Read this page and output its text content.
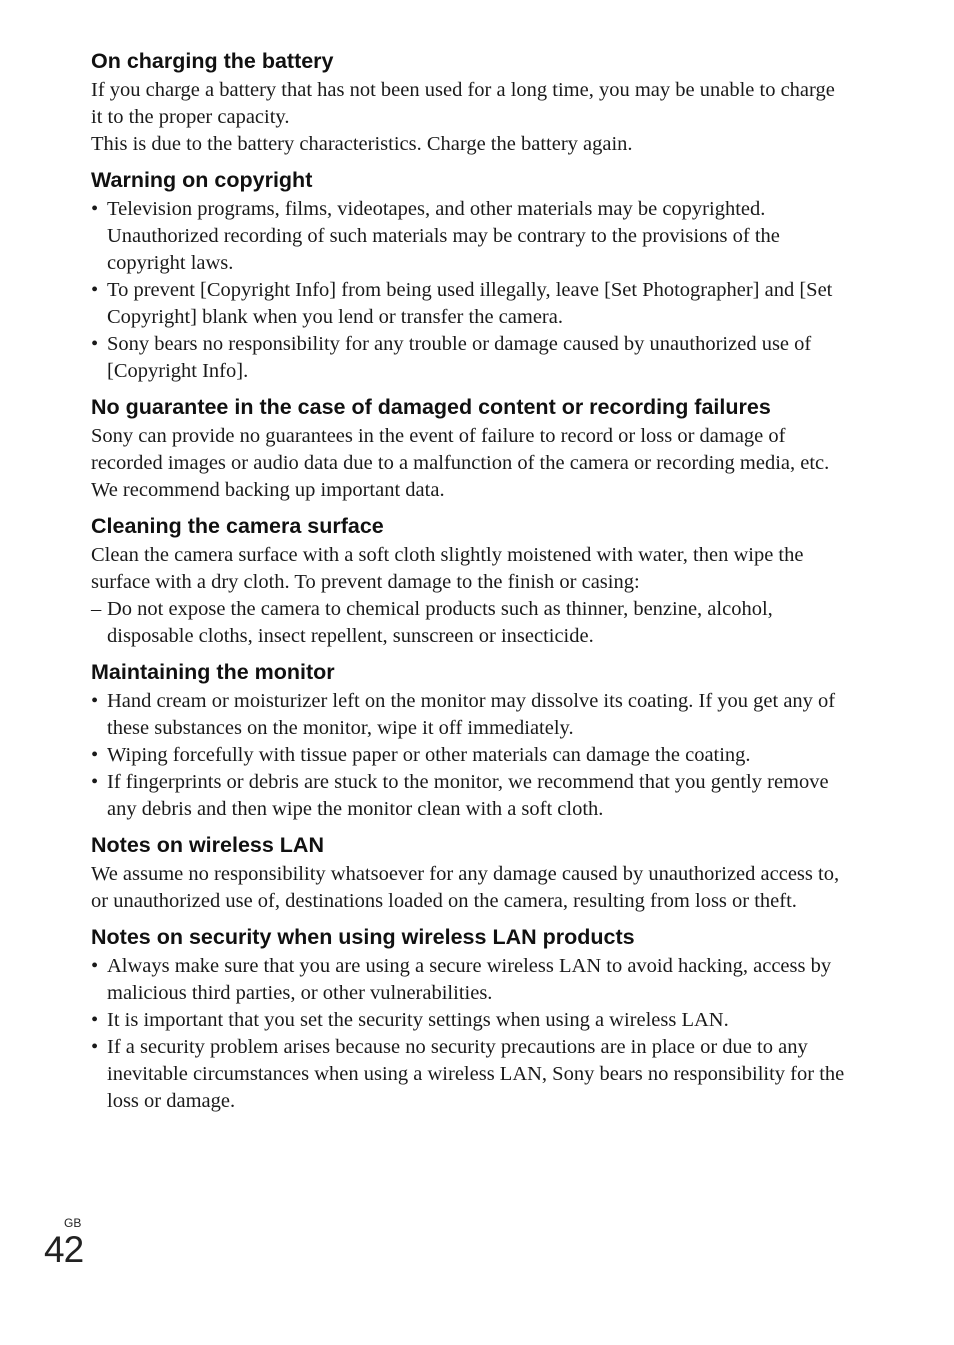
On charging the battery

If you charge a battery that has not been used for a long time, you may be unable to charge it to the proper capacity.

This is due to the battery characteristics. Charge the battery again.

Warning on copyright
• Television programs, films, videotapes, and other materials may be copyrighted. Unauthorized recording of such materials may be contrary to the provisions of the copyright laws.
• To prevent [Copyright Info] from being used illegally, leave [Set Photographer] and [Set Copyright] blank when you lend or transfer the camera.
• Sony bears no responsibility for any trouble or damage caused by unauthorized use of [Copyright Info].
No guarantee in the case of damaged content or recording failures

Sony can provide no guarantees in the event of failure to record or loss or damage of recorded images or audio data due to a malfunction of the camera or recording media, etc. We recommend backing up important data.

Cleaning the camera surface

Clean the camera surface with a soft cloth slightly moistened with water, then wipe the surface with a dry cloth. To prevent damage to the finish or casing:

– Do not expose the camera to chemical products such as thinner, benzine, alcohol, disposable cloths, insect repellent, sunscreen or insecticide.
Maintaining the monitor
• Hand cream or moisturizer left on the monitor may dissolve its coating. If you get any of these substances on the monitor, wipe it off immediately.
• Wiping forcefully with tissue paper or other materials can damage the coating.
• If fingerprints or debris are stuck to the monitor, we recommend that you gently remove any debris and then wipe the monitor clean with a soft cloth.
Notes on wireless LAN

We assume no responsibility whatsoever for any damage caused by unauthorized access to, or unauthorized use of, destinations loaded on the camera, resulting from loss or theft.

Notes on security when using wireless LAN products
• Always make sure that you are using a secure wireless LAN to avoid hacking, access by malicious third parties, or other vulnerabilities.
• It is important that you set the security settings when using a wireless LAN.
• If a security problem arises because no security precautions are in place or due to any inevitable circumstances when using a wireless LAN, Sony bears no responsibility for the loss or damage.
GB
42
